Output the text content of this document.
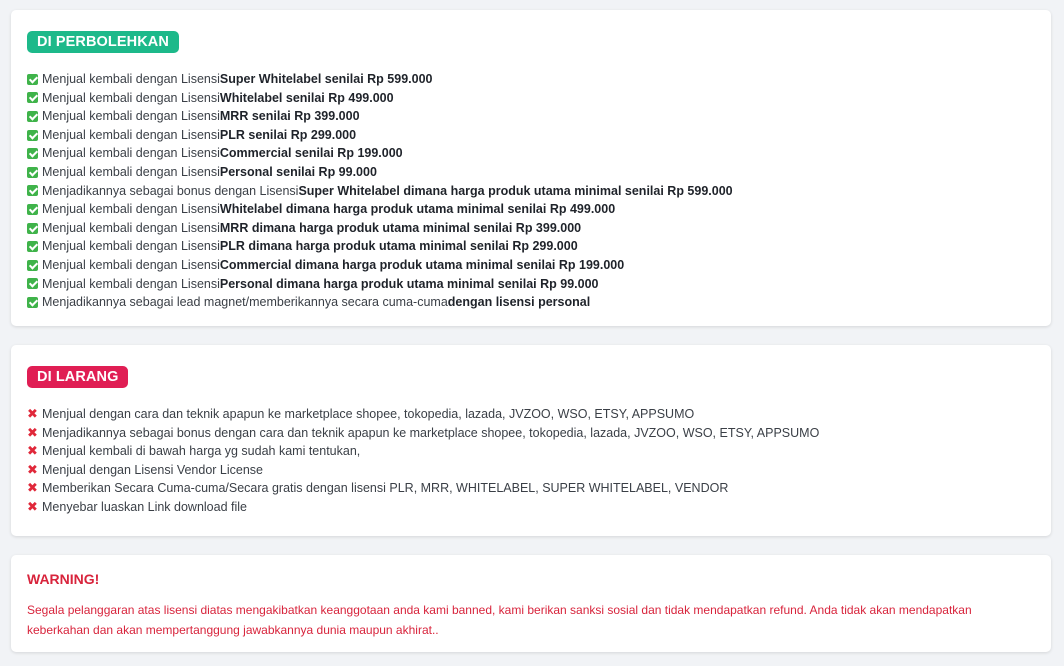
DI PERBOLEHKAN
Menjual kembali dengan Lisensi Super Whitelabel senilai Rp 599.000
Menjual kembali dengan Lisensi Whitelabel senilai Rp 499.000
Menjual kembali dengan Lisensi MRR senilai Rp 399.000
Menjual kembali dengan Lisensi PLR senilai Rp 299.000
Menjual kembali dengan Lisensi Commercial senilai Rp 199.000
Menjual kembali dengan Lisensi Personal senilai Rp 99.000
Menjadikannya sebagai bonus dengan Lisensi Super Whitelabel dimana harga produk utama minimal senilai Rp 599.000
Menjual kembali dengan Lisensi Whitelabel dimana harga produk utama minimal senilai Rp 499.000
Menjual kembali dengan Lisensi MRR dimana harga produk utama minimal senilai Rp 399.000
Menjual kembali dengan Lisensi PLR dimana harga produk utama minimal senilai Rp 299.000
Menjual kembali dengan Lisensi Commercial dimana harga produk utama minimal senilai Rp 199.000
Menjual kembali dengan Lisensi Personal dimana harga produk utama minimal senilai Rp 99.000
Menjadikannya sebagai lead magnet/memberikannya secara cuma-cuma dengan lisensi personal
DI LARANG
✖ Menjual dengan cara dan teknik apapun ke marketplace shopee, tokopedia, lazada, JVZOO, WSO, ETSY, APPSUMO
✖ Menjadikannya sebagai bonus dengan cara dan teknik apapun ke marketplace shopee, tokopedia, lazada, JVZOO, WSO, ETSY, APPSUMO
✖ Menjual kembali di bawah harga yg sudah kami tentukan,
✖ Menjual dengan Lisensi Vendor License
✖ Memberikan Secara Cuma-cuma/Secara gratis dengan lisensi PLR, MRR, WHITELABEL, SUPER WHITELABEL, VENDOR
✖ Menyebar luaskan Link download file
WARNING!
Segala pelanggaran atas lisensi diatas mengakibatkan keanggotaan anda kami banned, kami berikan sanksi sosial dan tidak mendapatkan refund. Anda tidak akan mendapatkan keberkahan dan akan mempertanggung jawabkannya dunia maupun akhirat..
